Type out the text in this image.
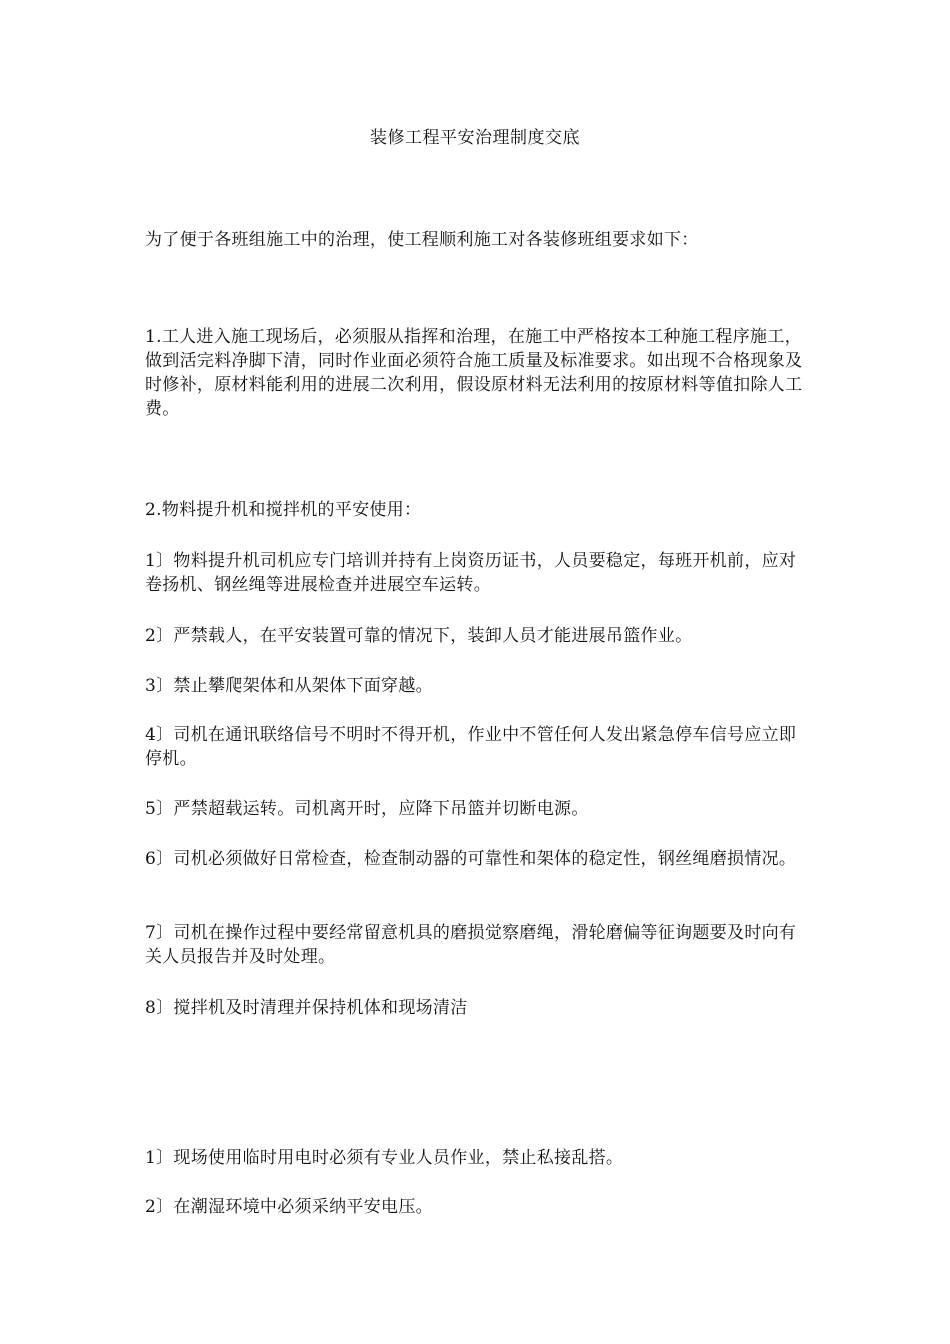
装修工程平安治理制度交底

为了便于各班组施工中的治理，使工程顺利施工对各装修班组要求如下：

1.工人进入施工现场后，必须服从指挥和治理，在施工中严格按本工种施工程序施工，做到活完料净脚下清，同时作业面必须符合施工质量及标准要求。如出现不合格现象及时修补，原材料能利用的进展二次利用，假设原材料无法利用的按原材料等值扣除人工费。

2.物料提升机和搅拌机的平安使用：

1〕物料提升机司机应专门培训并持有上岗资历证书，人员要稳定，每班开机前，应对卷扬机、钢丝绳等进展检查并进展空车运转。

2〕严禁载人，在平安装置可靠的情况下，装卸人员才能进展吊篮作业。

3〕禁止攀爬架体和从架体下面穿越。

4〕司机在通讯联络信号不明时不得开机，作业中不管任何人发出紧急停车信号应立即停机。

5〕严禁超载运转。司机离开时，应降下吊篮并切断电源。

6〕司机必须做好日常检查，检查制动器的可靠性和架体的稳定性，钢丝绳磨损情况。

7〕司机在操作过程中要经常留意机具的磨损觉察磨绳，滑轮磨偏等征询题要及时向有关人员报告并及时处理。

8〕搅拌机及时清理并保持机体和现场清洁

1〕现场使用临时用电时必须有专业人员作业，禁止私接乱搭。

2〕在潮湿环境中必须采纳平安电压。
